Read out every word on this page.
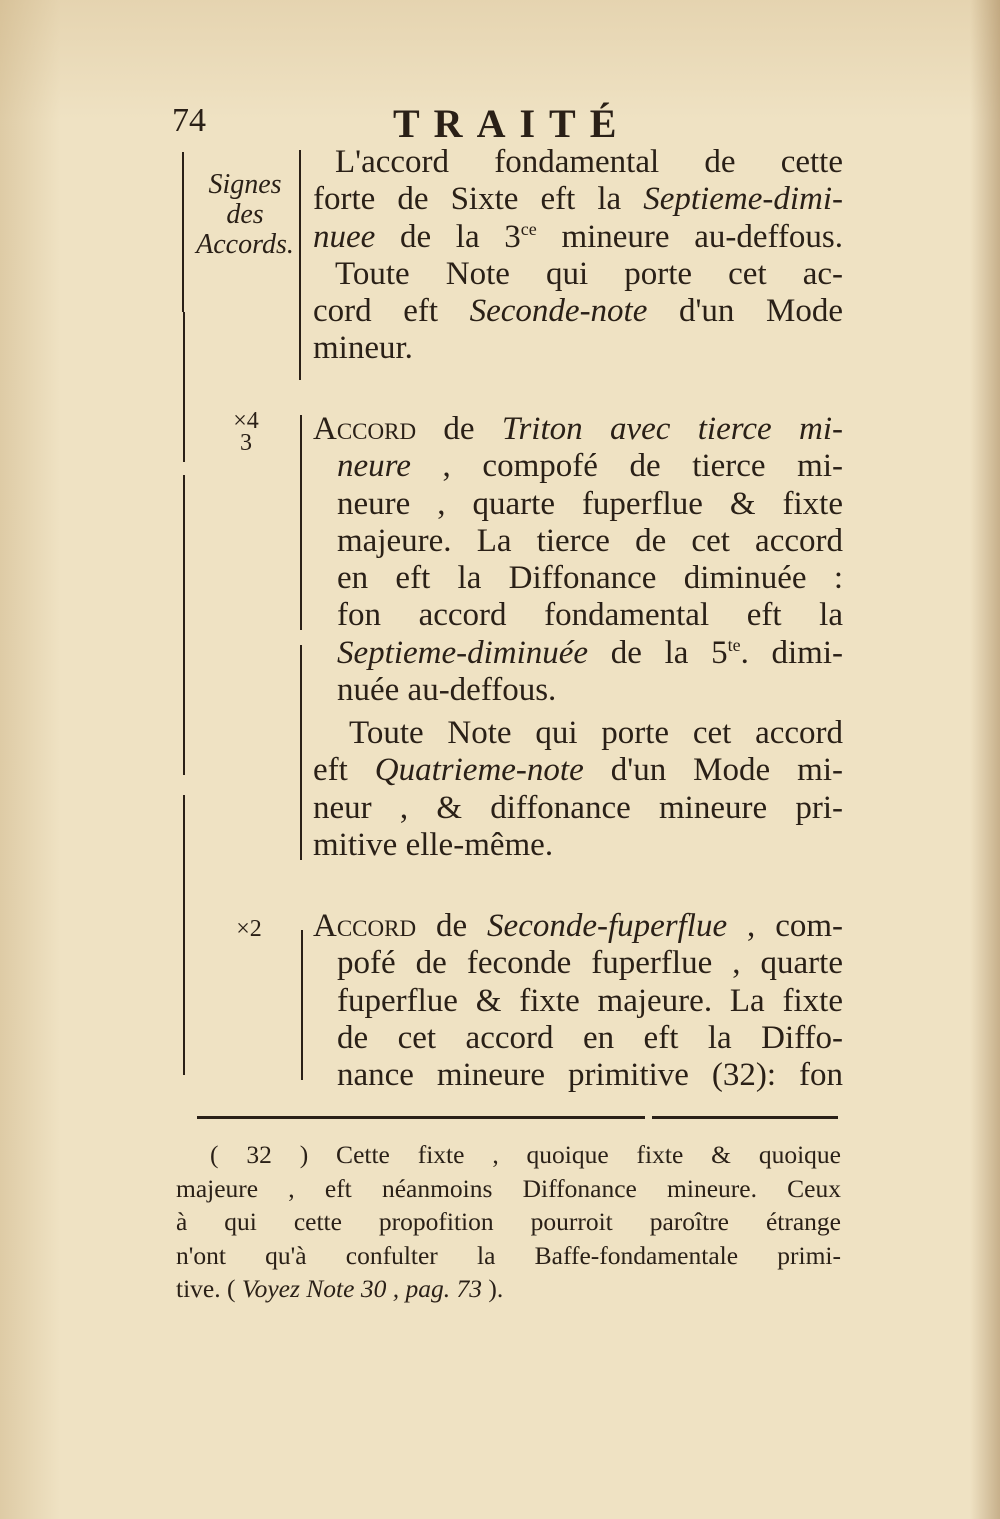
74	TRAITÉ
Signes
des
Accords.
×4
3
×2
L'accord fondamental de cette
forte de Sixte eft la Septieme-dimi-
nuee de la $3^{ce}$ mineure au-deffous.
Toute Note qui porte cet ac-
cord eft Seconde-note d'un Mode
mineur.
Accord de Triton avec tierce mi-
neure , compofé de tierce mi-
neure , quarte fuperflue & fixte
majeure. La tierce de cet accord
en eft la Diffonance diminuée :
fon accord fondamental eft la
Septieme-diminuée de la $5^{te}$. dimi-
nuée au-deffous.
Toute Note qui porte cet accord
eft Quatrieme-note d'un Mode mi-
neur , & diffonance mineure pri-
mitive elle-même.
Accord de Seconde-fuperflue , com-
pofé de feconde fuperflue , quarte
fuperflue & fixte majeure. La fixte
de cet accord en eft la Diffo-
nance mineure primitive (32): fon
( 32 ) Cette fixte , quoique fixte & quoique
majeure , eft néanmoins Diffonance mineure. Ceux
à qui cette propofition pourroit paroître étrange
n'ont qu'à confulter la Baffe-fondamentale primi-
tive. ( Voyez Note 30 , pag. 73 ).
